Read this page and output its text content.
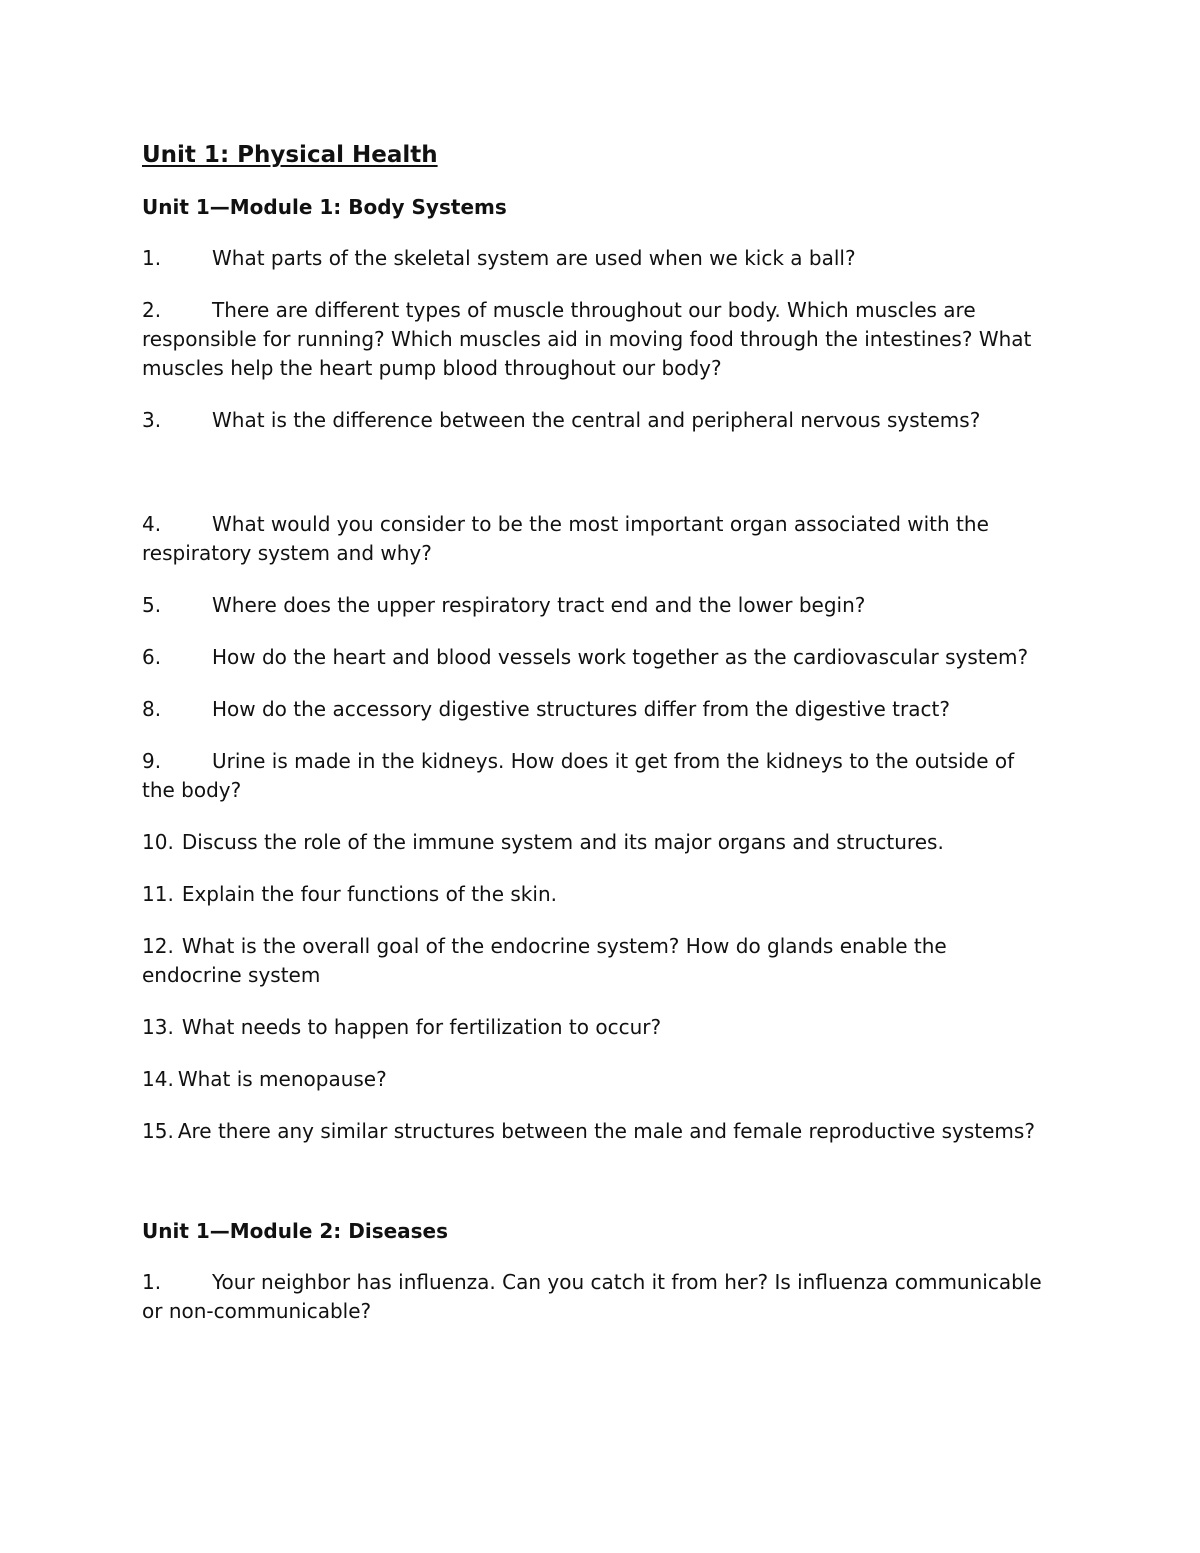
Unit 1: Physical Health
Unit 1—Module 1: Body Systems
1.	What parts of the skeletal system are used when we kick a ball?
2.	There are different types of muscle throughout our body. Which muscles are responsible for running? Which muscles aid in moving food through the intestines? What muscles help the heart pump blood throughout our body?
3.	What is the difference between the central and peripheral nervous systems?
4.	What would you consider to be the most important organ associated with the respiratory system and why?
5.	Where does the upper respiratory tract end and the lower begin?
6.	How do the heart and blood vessels work together as the cardiovascular system?
8.	How do the accessory digestive structures differ from the digestive tract?
9.	Urine is made in the kidneys. How does it get from the kidneys to the outside of the body?
10. Discuss the role of the immune system and its major organs and structures.
11. Explain the four functions of the skin.
12. What is the overall goal of the endocrine system? How do glands enable the endocrine system
13. What needs to happen for fertilization to occur?
14. What is menopause?
15. Are there any similar structures between the male and female reproductive systems?
Unit 1—Module 2: Diseases
1.	Your neighbor has influenza. Can you catch it from her? Is influenza communicable or non-communicable?
